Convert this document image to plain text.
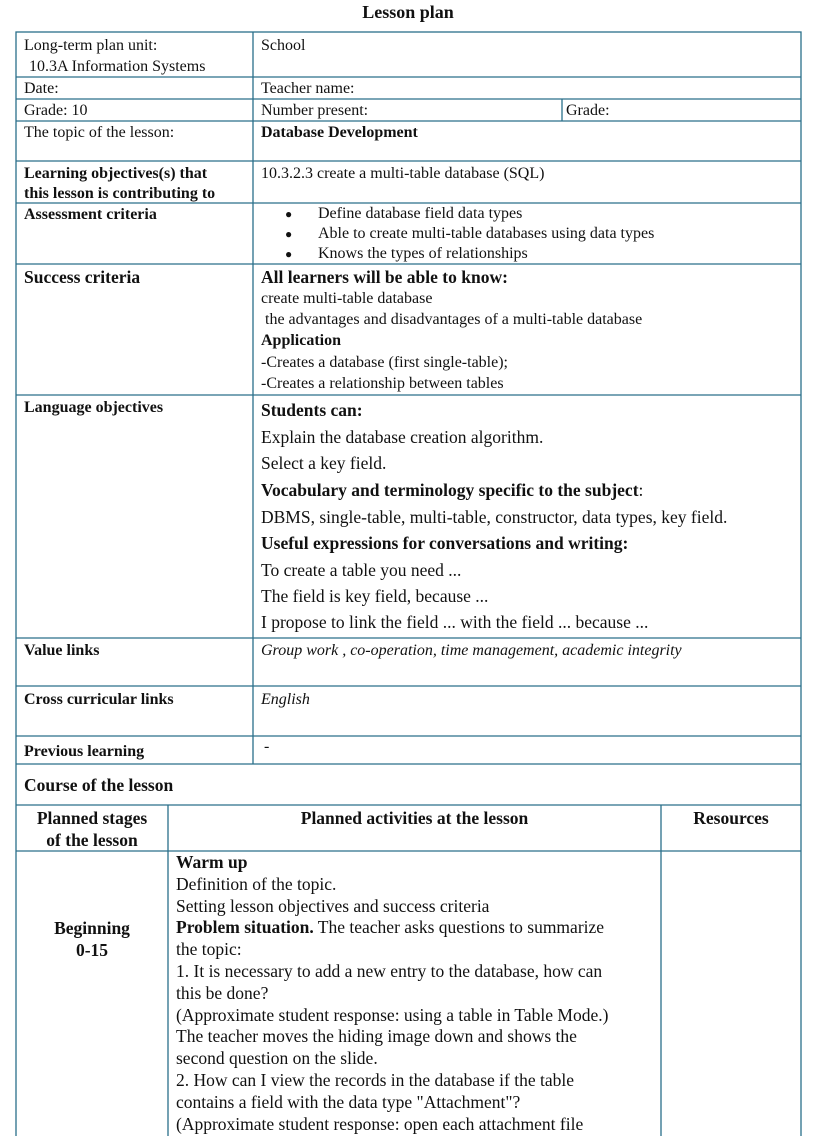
Lesson plan
Long-term plan unit:
10.3A Information Systems
School
Date:	Teacher name:
Grade: 10	Number present:	Grade:
The topic of the lesson:	Database Development
Learning objectives(s) that
this lesson is contributing to
10.3.2.3 create a multi-table database (SQL)
Assessment criteria
●	Define database field data types
● Able to create multi-table databases using data types
● Knows the types of relationships
Success criteria	All learners will be able to know:
create multi-table database
the advantages and disadvantages of a multi-table database
Application
-Creates a database (first single-table);
-Creates a relationship between tables
Language objectives	Students can:
Explain the database creation algorithm.
Select a key field.
Vocabulary and terminology specific to the subject:
DBMS, single-table, multi-table, constructor, data types, key field.
Useful expressions for conversations and writing:
To create a table you need ...
The field is key field, because ...
I propose to link the field ... with the field ... because ...
Value links	Group work , co-operation, time management, academic integrity
Cross curricular links	English
Previous learning	-
Course of the lesson
Planned stages
of the lesson
Planned activities at the lesson	Resources
Beginning
0-15
Warm up
Definition of the topic.
Setting lesson objectives and success criteria
Problem situation. The teacher asks questions to summarize
the topic:
1. It is necessary to add a new entry to the database, how can
this be done?
(Approximate student response: using a table in Table Mode.)
The teacher moves the hiding image down and shows the
second question on the slide.
2. How can I view the records in the database if the table
contains a field with the data type "Attachment"?
(Approximate student response: open each attachment file
